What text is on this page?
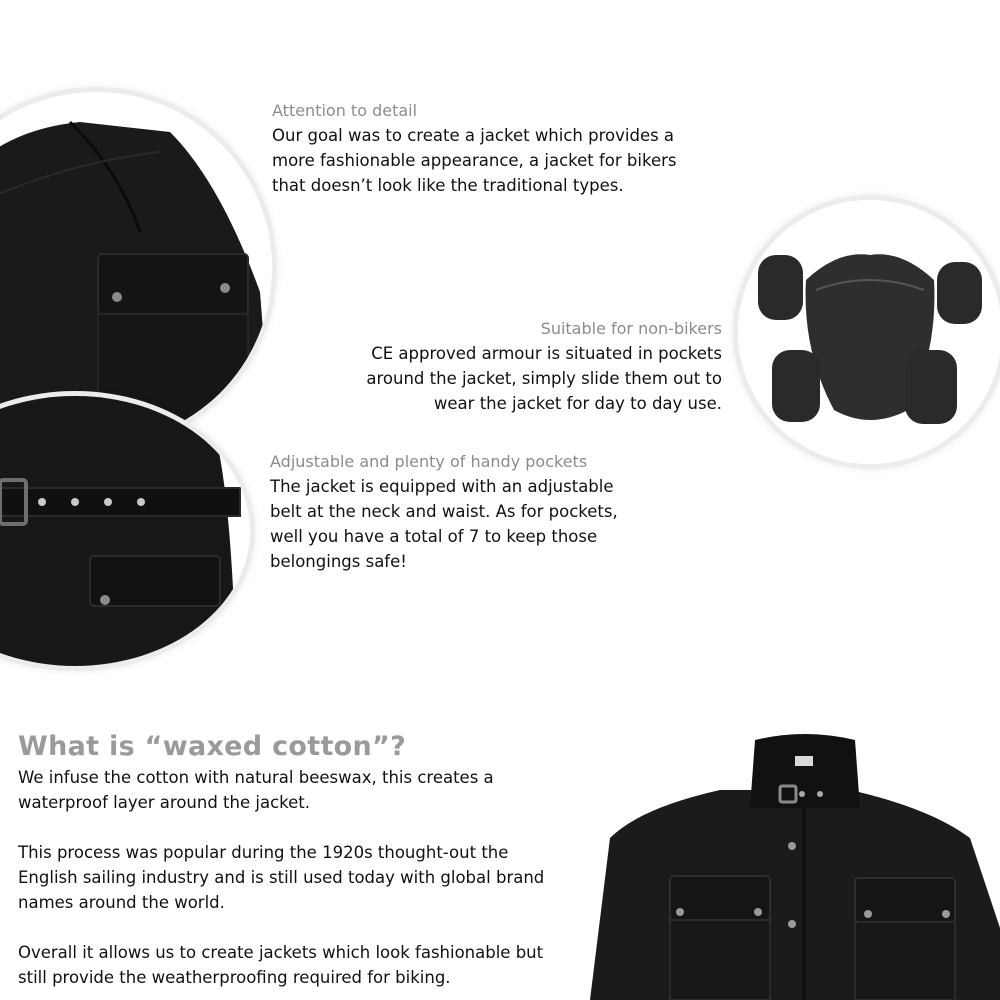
Attention to detail
Our goal was to create a jacket which provides a
more fashionable appearance, a jacket for bikers
that doesn’t look like the traditional types.
Suitable for non-bikers
CE approved armour is situated in pockets
around the jacket, simply slide them out to
wear the jacket for day to day use.
Adjustable and plenty of handy pockets
The jacket is equipped with an adjustable
belt at the neck and waist. As for pockets,
well you have a total of 7 to keep those
belongings safe!
What is “waxed cotton”?
We infuse the cotton with natural beeswax, this creates a
waterproof layer around the jacket.
This process was popular during the 1920s thought-out the
English sailing industry and is still used today with global brand
names around the world.
Overall it allows us to create jackets which look fashionable but
still provide the weatherproofing required for biking.
